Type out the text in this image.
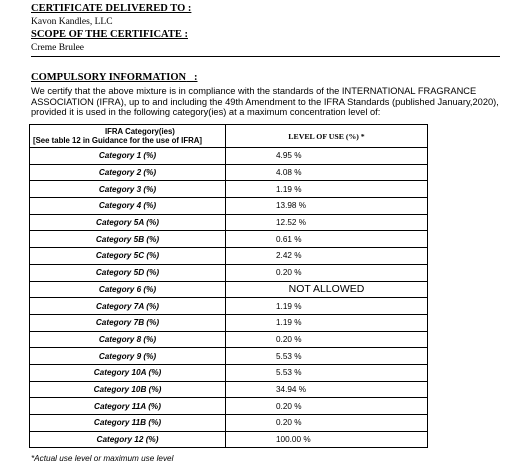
CERTIFICATE DELIVERED TO :
Kavon Kandles, LLC
SCOPE OF THE CERTIFICATE :
Creme Brulee
COMPULSORY INFORMATION :
We certify that the above mixture is in compliance with the standards of the INTERNATIONAL FRAGRANCE
ASSOCIATION (IFRA), up to and including the 49th Amendment to the IFRA Standards (published January,2020),
provided it is used in the following category(ies) at a maximum concentration level of:
IFRA Category(ies)
[See table 12 in Guidance for the use of IFRA]	LEVEL OF USE (%) *
Category 1 (%)	4.95 %
Category 2 (%)	4.08 %
Category 3 (%)	1.19 %
Category 4 (%)	13.98 %
Category 5A (%)	12.52 %
Category 5B (%)	0.61 %
Category 5C (%)	2.42 %
Category 5D (%)	0.20 %
Category 6 (%)	NOT ALLOWED
Category 7A (%)	1.19 %
Category 7B (%)	1.19 %
Category 8 (%)	0.20 %
Category 9 (%)	5.53 %
Category 10A (%)	5.53 %
Category 10B (%)	34.94 %
Category 11A (%)	0.20 %
Category 11B (%)	0.20 %
Category 12 (%)	100.00 %
*Actual use level or maximum use level
